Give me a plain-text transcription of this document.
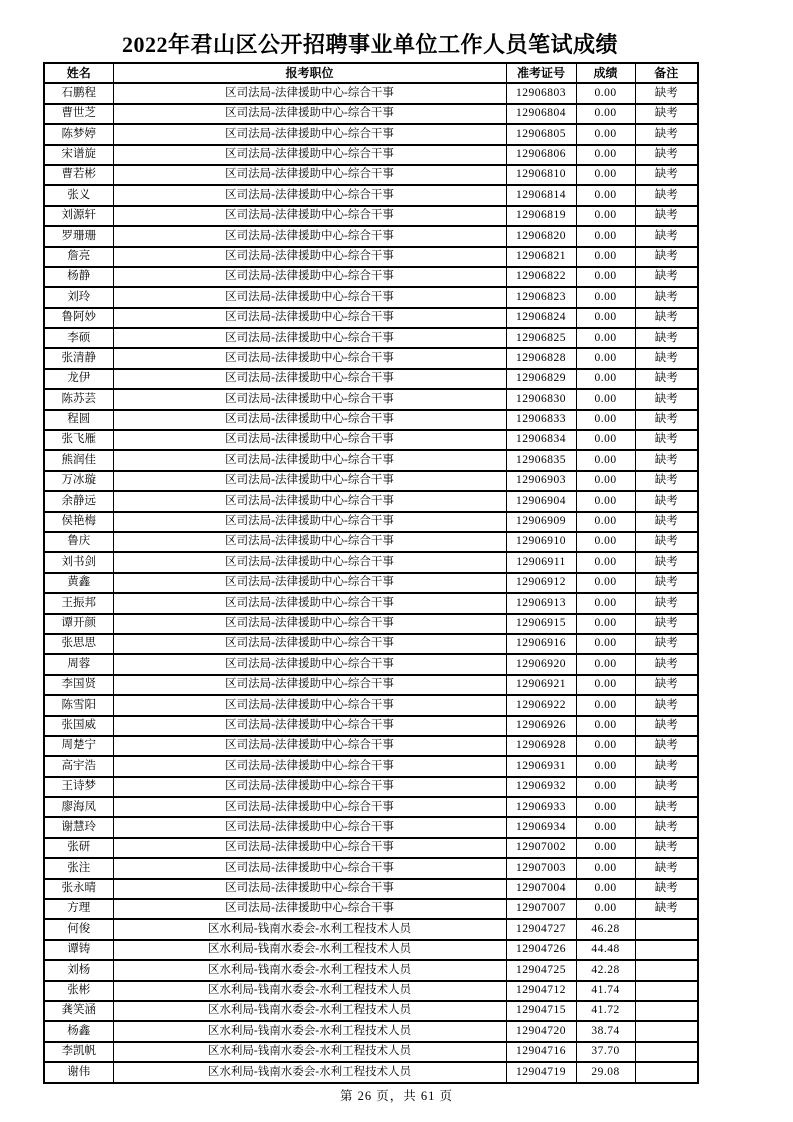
2022年君山区公开招聘事业单位工作人员笔试成绩
姓名	报考职位	准考证号	成绩	备注
石鹏程	区司法局-法律援助中心-综合干事	12906803	0.00	缺考
曹世芝	区司法局-法律援助中心-综合干事	12906804	0.00	缺考
陈梦婷	区司法局-法律援助中心-综合干事	12906805	0.00	缺考
宋谱旋	区司法局-法律援助中心-综合干事	12906806	0.00	缺考
曹若彬	区司法局-法律援助中心-综合干事	12906810	0.00	缺考
张义	区司法局-法律援助中心-综合干事	12906814	0.00	缺考
刘源轩	区司法局-法律援助中心-综合干事	12906819	0.00	缺考
罗珊珊	区司法局-法律援助中心-综合干事	12906820	0.00	缺考
詹亮	区司法局-法律援助中心-综合干事	12906821	0.00	缺考
杨静	区司法局-法律援助中心-综合干事	12906822	0.00	缺考
刘玲	区司法局-法律援助中心-综合干事	12906823	0.00	缺考
鲁阿妙	区司法局-法律援助中心-综合干事	12906824	0.00	缺考
李硕	区司法局-法律援助中心-综合干事	12906825	0.00	缺考
张清静	区司法局-法律援助中心-综合干事	12906828	0.00	缺考
龙伊	区司法局-法律援助中心-综合干事	12906829	0.00	缺考
陈苏芸	区司法局-法律援助中心-综合干事	12906830	0.00	缺考
程圆	区司法局-法律援助中心-综合干事	12906833	0.00	缺考
张飞雁	区司法局-法律援助中心-综合干事	12906834	0.00	缺考
熊润佳	区司法局-法律援助中心-综合干事	12906835	0.00	缺考
万冰璇	区司法局-法律援助中心-综合干事	12906903	0.00	缺考
余静远	区司法局-法律援助中心-综合干事	12906904	0.00	缺考
侯艳梅	区司法局-法律援助中心-综合干事	12906909	0.00	缺考
鲁庆	区司法局-法律援助中心-综合干事	12906910	0.00	缺考
刘书剑	区司法局-法律援助中心-综合干事	12906911	0.00	缺考
黄鑫	区司法局-法律援助中心-综合干事	12906912	0.00	缺考
王振邦	区司法局-法律援助中心-综合干事	12906913	0.00	缺考
谭开颜	区司法局-法律援助中心-综合干事	12906915	0.00	缺考
张思思	区司法局-法律援助中心-综合干事	12906916	0.00	缺考
周蓉	区司法局-法律援助中心-综合干事	12906920	0.00	缺考
李国贤	区司法局-法律援助中心-综合干事	12906921	0.00	缺考
陈雪阳	区司法局-法律援助中心-综合干事	12906922	0.00	缺考
张国威	区司法局-法律援助中心-综合干事	12906926	0.00	缺考
周楚宁	区司法局-法律援助中心-综合干事	12906928	0.00	缺考
高宇浩	区司法局-法律援助中心-综合干事	12906931	0.00	缺考
王诗梦	区司法局-法律援助中心-综合干事	12906932	0.00	缺考
廖海凤	区司法局-法律援助中心-综合干事	12906933	0.00	缺考
谢慧玲	区司法局-法律援助中心-综合干事	12906934	0.00	缺考
张研	区司法局-法律援助中心-综合干事	12907002	0.00	缺考
张注	区司法局-法律援助中心-综合干事	12907003	0.00	缺考
张永晴	区司法局-法律援助中心-综合干事	12907004	0.00	缺考
方理	区司法局-法律援助中心-综合干事	12907007	0.00	缺考
何俊	区水利局-钱南水委会-水利工程技术人员	12904727	46.28	
谭铸	区水利局-钱南水委会-水利工程技术人员	12904726	44.48	
刘杨	区水利局-钱南水委会-水利工程技术人员	12904725	42.28	
张彬	区水利局-钱南水委会-水利工程技术人员	12904712	41.74	
龚笑涵	区水利局-钱南水委会-水利工程技术人员	12904715	41.72	
杨鑫	区水利局-钱南水委会-水利工程技术人员	12904720	38.74	
李凯帆	区水利局-钱南水委会-水利工程技术人员	12904716	37.70	
谢伟	区水利局-钱南水委会-水利工程技术人员	12904719	29.08	
第 26 页，共 61 页
